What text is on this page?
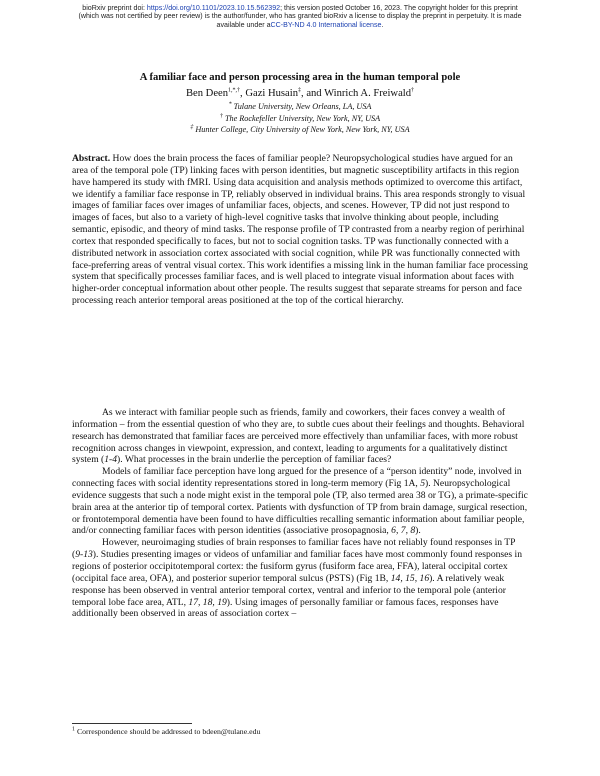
bioRxiv preprint doi: https://doi.org/10.1101/2023.10.15.562392; this version posted October 16, 2023. The copyright holder for this preprint
(which was not certified by peer review) is the author/funder, who has granted bioRxiv a license to display the preprint in perpetuity. It is made
available under aCC-BY-ND 4.0 International license.
A familiar face and person processing area in the human temporal pole
Ben Deen$^{1,*,\dagger}$, Gazi Husain‡, and Winrich A. Freiwald†
* Tulane University, New Orleans, LA, USA
† The Rockefeller University, New York, NY, USA
‡ Hunter College, City University of New York, New York, NY, USA

Abstract. How does the brain process the faces of familiar people? Neuropsychological studies have argued for an area of the temporal pole (TP) linking faces with person identities, but magnetic susceptibility artifacts in this region have hampered its study with fMRI. Using data acquisition and analysis methods optimized to overcome this artifact, we identify a familiar face response in TP, reliably observed in individual brains. This area responds strongly to visual images of familiar faces over images of unfamiliar faces, objects, and scenes. However, TP did not just respond to images of faces, but also to a variety of high-level cognitive tasks that involve thinking about people, including semantic, episodic, and theory of mind tasks. The response profile of TP contrasted from a nearby region of perirhinal cortex that responded specifically to faces, but not to social cognition tasks. TP was functionally connected with a distributed network in association cortex associated with social cognition, while PR was functionally connected with face-preferring areas of ventral visual cortex. This work identifies a missing link in the human familiar face processing system that specifically processes familiar faces, and is well placed to integrate visual information about faces with higher-order conceptual information about other people. The results suggest that separate streams for person and face processing reach anterior temporal areas positioned at the top of the cortical hierarchy.

As we interact with familiar people such as friends, family and coworkers, their faces convey a wealth of information – from the essential question of who they are, to subtle cues about their feelings and thoughts. Behavioral research has demonstrated that familiar faces are perceived more effectively than unfamiliar faces, with more robust recognition across changes in viewpoint, expression, and context, leading to arguments for a qualitatively distinct system (1-4). What processes in the brain underlie the perception of familiar faces?

Models of familiar face perception have long argued for the presence of a “person identity” node, involved in connecting faces with social identity representations stored in long-term memory (Fig 1A, 5). Neuropsychological evidence suggests that such a node might exist in the temporal pole (TP, also termed area 38 or TG), a primate-specific brain area at the anterior tip of temporal cortex. Patients with dysfunction of TP from brain damage, surgical resection, or frontotemporal dementia have been found to have difficulties recalling semantic information about familiar people, and/or connecting familiar faces with person identities (associative prosopagnosia, 6, 7, 8).

However, neuroimaging studies of brain responses to familiar faces have not reliably found responses in TP (9-13). Studies presenting images or videos of unfamiliar and familiar faces have most commonly found responses in regions of posterior occipitotemporal cortex: the fusiform gyrus (fusiform face area, FFA), lateral occipital cortex (occipital face area, OFA), and posterior superior temporal sulcus (PSTS) (Fig 1B, 14, 15, 16). A relatively weak response has been observed in ventral anterior temporal cortex, ventral and inferior to the temporal pole (anterior temporal lobe face area, ATL, 17, 18, 19). Using images of personally familiar or famous faces, responses have additionally been observed in areas of association cortex –

$^1$ Correspondence should be addressed to bdeen@tulane.edu
